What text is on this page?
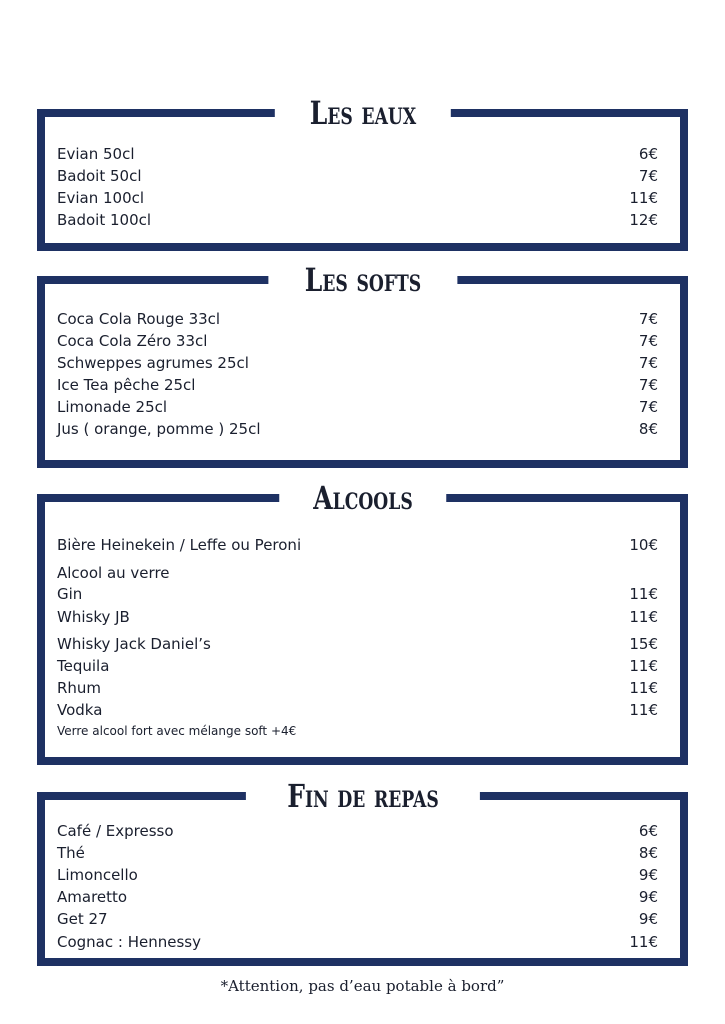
Les eaux
Evian 50cl	6€
Badoit 50cl	7€
Evian 100cl	11€
Badoit 100cl	12€
Les softs
Coca Cola Rouge 33cl	7€
Coca Cola Zéro 33cl	7€
Schweppes agrumes 25cl	7€
Ice Tea pêche 25cl	7€
Limonade 25cl	7€
Jus ( orange, pomme ) 25cl	8€
Alcools
Bière Heinekein / Leffe ou Peroni	10€
Alcool au verre
Gin	11€
Whisky JB	11€
Whisky Jack Daniel’s	15€
Tequila	11€
Rhum	11€
Vodka	11€
Verre alcool fort avec mélange soft +4€
Fin de repas
Café / Expresso	6€
Thé	8€
Limoncello	9€
Amaretto	9€
Get 27	9€
Cognac : Hennessy	11€
*Attention, pas d’eau potable à bord”
